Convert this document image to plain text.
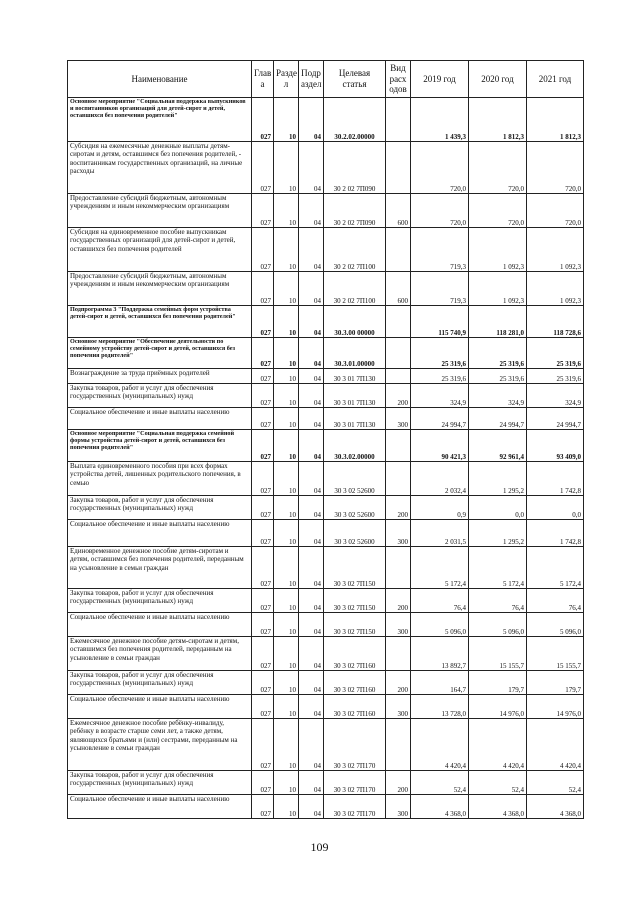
Наименование	Глав а	Разде л	Подр аздел	Целевая статья	Вид расх одов	2019 год	2020 год	2021 год
Основное мероприятие "Социальная поддержка выпускников и воспитанников организаций для детей-сирот и детей, оставшихся без попечения родителей"	027	10	04	30.2.02.00000		1 439,3	1 812,3	1 812,3
Субсидия на ежемесячные денежные выплаты детям-сиротам и детям, оставшимся без попечения родителей, - воспитанникам государственных организаций, на личные расходы	027	10	04	30 2 02 7П090		720,0	720,0	720,0
Предоставление субсидий бюджетным, автономным учреждениям и иным некоммерческим организациям	027	10	04	30 2 02 7П090	600	720,0	720,0	720,0
Субсидия на единовременное пособие выпускникам государственных организаций для детей-сирот и детей, оставшихся без попечения родителей	027	10	04	30 2 02 7П100		719,3	1 092,3	1 092,3
Предоставление субсидий бюджетным, автономным учреждениям и иным некоммерческим организациям	027	10	04	30 2 02 7П100	600	719,3	1 092,3	1 092,3
Подпрограмма 3 "Поддержка семейных форм устройства детей-сирот и детей, оставшихся без попечения родителей"	027	10	04	30.3.00 00000		115 740,9	118 281,0	118 728,6
Основное мероприятие "Обеспечение деятельности по семейному устройству детей-сирот и детей, оставшихся без попечения родителей"	027	10	04	30.3.01.00000		25 319,6	25 319,6	25 319,6
Вознаграждение за труда приёмных родителей	027	10	04	30 3 01 7П130		25 319,6	25 319,6	25 319,6
Закупка товаров, работ и услуг для обеспечения государственных (муниципальных) нужд	027	10	04	30 3 01 7П130	200	324,9	324,9	324,9
Социальное обеспечение и иные выплаты населению	027	10	04	30 3 01 7П130	300	24 994,7	24 994,7	24 994,7
Основное мероприятие "Социальная поддержка семейной формы устройства детей-сирот и детей, оставшихся без попечения родителей"	027	10	04	30.3.02.00000		90 421,3	92 961,4	93 409,0
Выплата единовременного пособия при всех формах устройства детей, лишенных родительского попечения, в семью	027	10	04	30 3 02 52600		2 032,4	1 295,2	1 742,8
Закупка товаров, работ и услуг для обеспечения государственных (муниципальных) нужд	027	10	04	30 3 02 52600	200	0,9	0,0	0,0
Социальное обеспечение и иные выплаты населению	027	10	04	30 3 02 52600	300	2 031,5	1 295,2	1 742,8
Единовременное денежное пособие детям-сиротам и детям, оставшимся без попечения родителей, переданным на усыновление в семьи граждан	027	10	04	30 3 02 7П150		5 172,4	5 172,4	5 172,4
Закупка товаров, работ и услуг для обеспечения государственных (муниципальных) нужд	027	10	04	30 3 02 7П150	200	76,4	76,4	76,4
Социальное обеспечение и иные выплаты населению	027	10	04	30 3 02 7П150	300	5 096,0	5 096,0	5 096,0
Ежемесячное денежное пособие детям-сиротам и детям, оставшимся без попечения родителей, переданным на усыновление в семьи граждан	027	10	04	30 3 02 7П160		13 892,7	15 155,7	15 155,7
Закупка товаров, работ и услуг для обеспечения государственных (муниципальных) нужд	027	10	04	30 3 02 7П160	200	164,7	179,7	179,7
Социальное обеспечение и иные выплаты населению	027	10	04	30 3 02 7П160	300	13 728,0	14 976,0	14 976,0
Ежемесячное денежное пособие ребёнку-инвалиду, ребёнку в возрасте старше семи лет, а также детям, являющихся братьями и (или) сестрами, переданным на усыновление в семьи граждан	027	10	04	30 3 02 7П170		4 420,4	4 420,4	4 420,4
Закупка товаров, работ и услуг для обеспечения государственных (муниципальных) нужд	027	10	04	30 3 02 7П170	200	52,4	52,4	52,4
Социальное обеспечение и иные выплаты населению	027	10	04	30 3 02 7П170	300	4 368,0	4 368,0	4 368,0
109
